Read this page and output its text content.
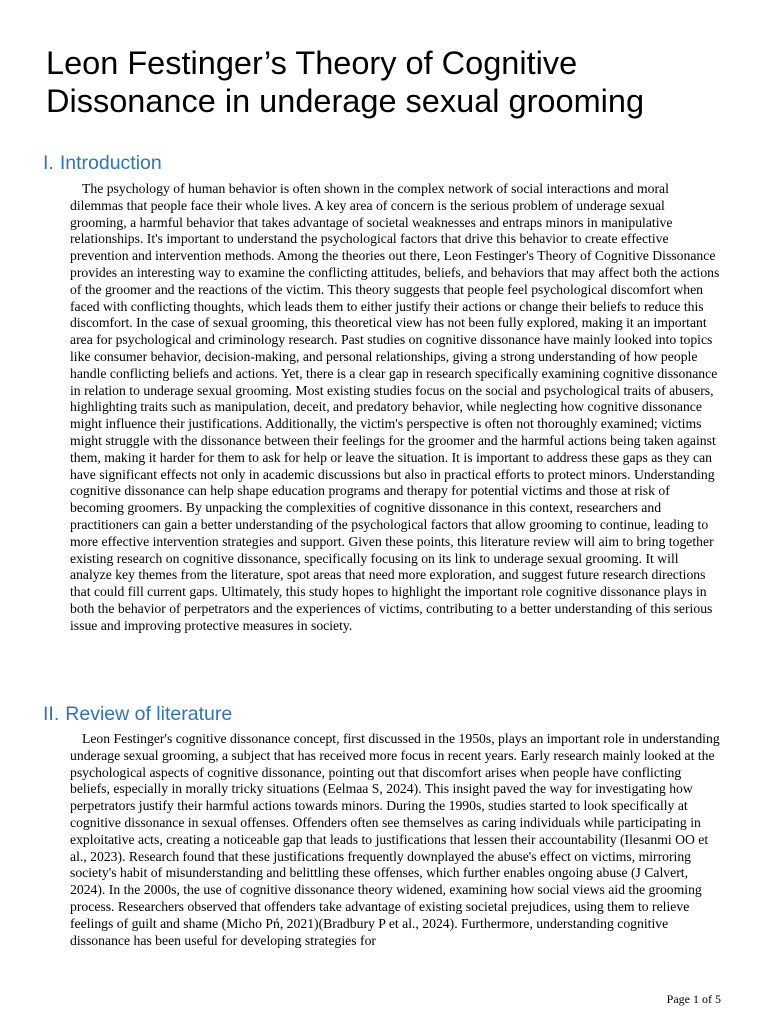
Leon Festinger’s Theory of Cognitive Dissonance in underage sexual grooming
I. Introduction

The psychology of human behavior is often shown in the complex network of social interactions and moral dilemmas that people face their whole lives. A key area of concern is the serious problem of underage sexual grooming, a harmful behavior that takes advantage of societal weaknesses and entraps minors in manipulative relationships. It's important to understand the psychological factors that drive this behavior to create effective prevention and intervention methods. Among the theories out there, Leon Festinger's Theory of Cognitive Dissonance provides an interesting way to examine the conflicting attitudes, beliefs, and behaviors that may affect both the actions of the groomer and the reactions of the victim. This theory suggests that people feel psychological discomfort when faced with conflicting thoughts, which leads them to either justify their actions or change their beliefs to reduce this discomfort. In the case of sexual grooming, this theoretical view has not been fully explored, making it an important area for psychological and criminology research. Past studies on cognitive dissonance have mainly looked into topics like consumer behavior, decision-making, and personal relationships, giving a strong understanding of how people handle conflicting beliefs and actions. Yet, there is a clear gap in research specifically examining cognitive dissonance in relation to underage sexual grooming. Most existing studies focus on the social and psychological traits of abusers, highlighting traits such as manipulation, deceit, and predatory behavior, while neglecting how cognitive dissonance might influence their justifications. Additionally, the victim's perspective is often not thoroughly examined; victims might struggle with the dissonance between their feelings for the groomer and the harmful actions being taken against them, making it harder for them to ask for help or leave the situation. It is important to address these gaps as they can have significant effects not only in academic discussions but also in practical efforts to protect minors. Understanding cognitive dissonance can help shape education programs and therapy for potential victims and those at risk of becoming groomers. By unpacking the complexities of cognitive dissonance in this context, researchers and practitioners can gain a better understanding of the psychological factors that allow grooming to continue, leading to more effective intervention strategies and support. Given these points, this literature review will aim to bring together existing research on cognitive dissonance, specifically focusing on its link to underage sexual grooming. It will analyze key themes from the literature, spot areas that need more exploration, and suggest future research directions that could fill current gaps. Ultimately, this study hopes to highlight the important role cognitive dissonance plays in both the behavior of perpetrators and the experiences of victims, contributing to a better understanding of this serious issue and improving protective measures in society.

II. Review of literature

Leon Festinger's cognitive dissonance concept, first discussed in the 1950s, plays an important role in understanding underage sexual grooming, a subject that has received more focus in recent years. Early research mainly looked at the psychological aspects of cognitive dissonance, pointing out that discomfort arises when people have conflicting beliefs, especially in morally tricky situations (Eelmaa S, 2024). This insight paved the way for investigating how perpetrators justify their harmful actions towards minors. During the 1990s, studies started to look specifically at cognitive dissonance in sexual offenses. Offenders often see themselves as caring individuals while participating in exploitative acts, creating a noticeable gap that leads to justifications that lessen their accountability (Ilesanmi OO et al., 2023). Research found that these justifications frequently downplayed the abuse's effect on victims, mirroring society's habit of misunderstanding and belittling these offenses, which further enables ongoing abuse (J Calvert, 2024). In the 2000s, the use of cognitive dissonance theory widened, examining how social views aid the grooming process. Researchers observed that offenders take advantage of existing societal prejudices, using them to relieve feelings of guilt and shame (Micho Pń, 2021)(Bradbury P et al., 2024). Furthermore, understanding cognitive dissonance has been useful for developing strategies for

Page 1 of 5
